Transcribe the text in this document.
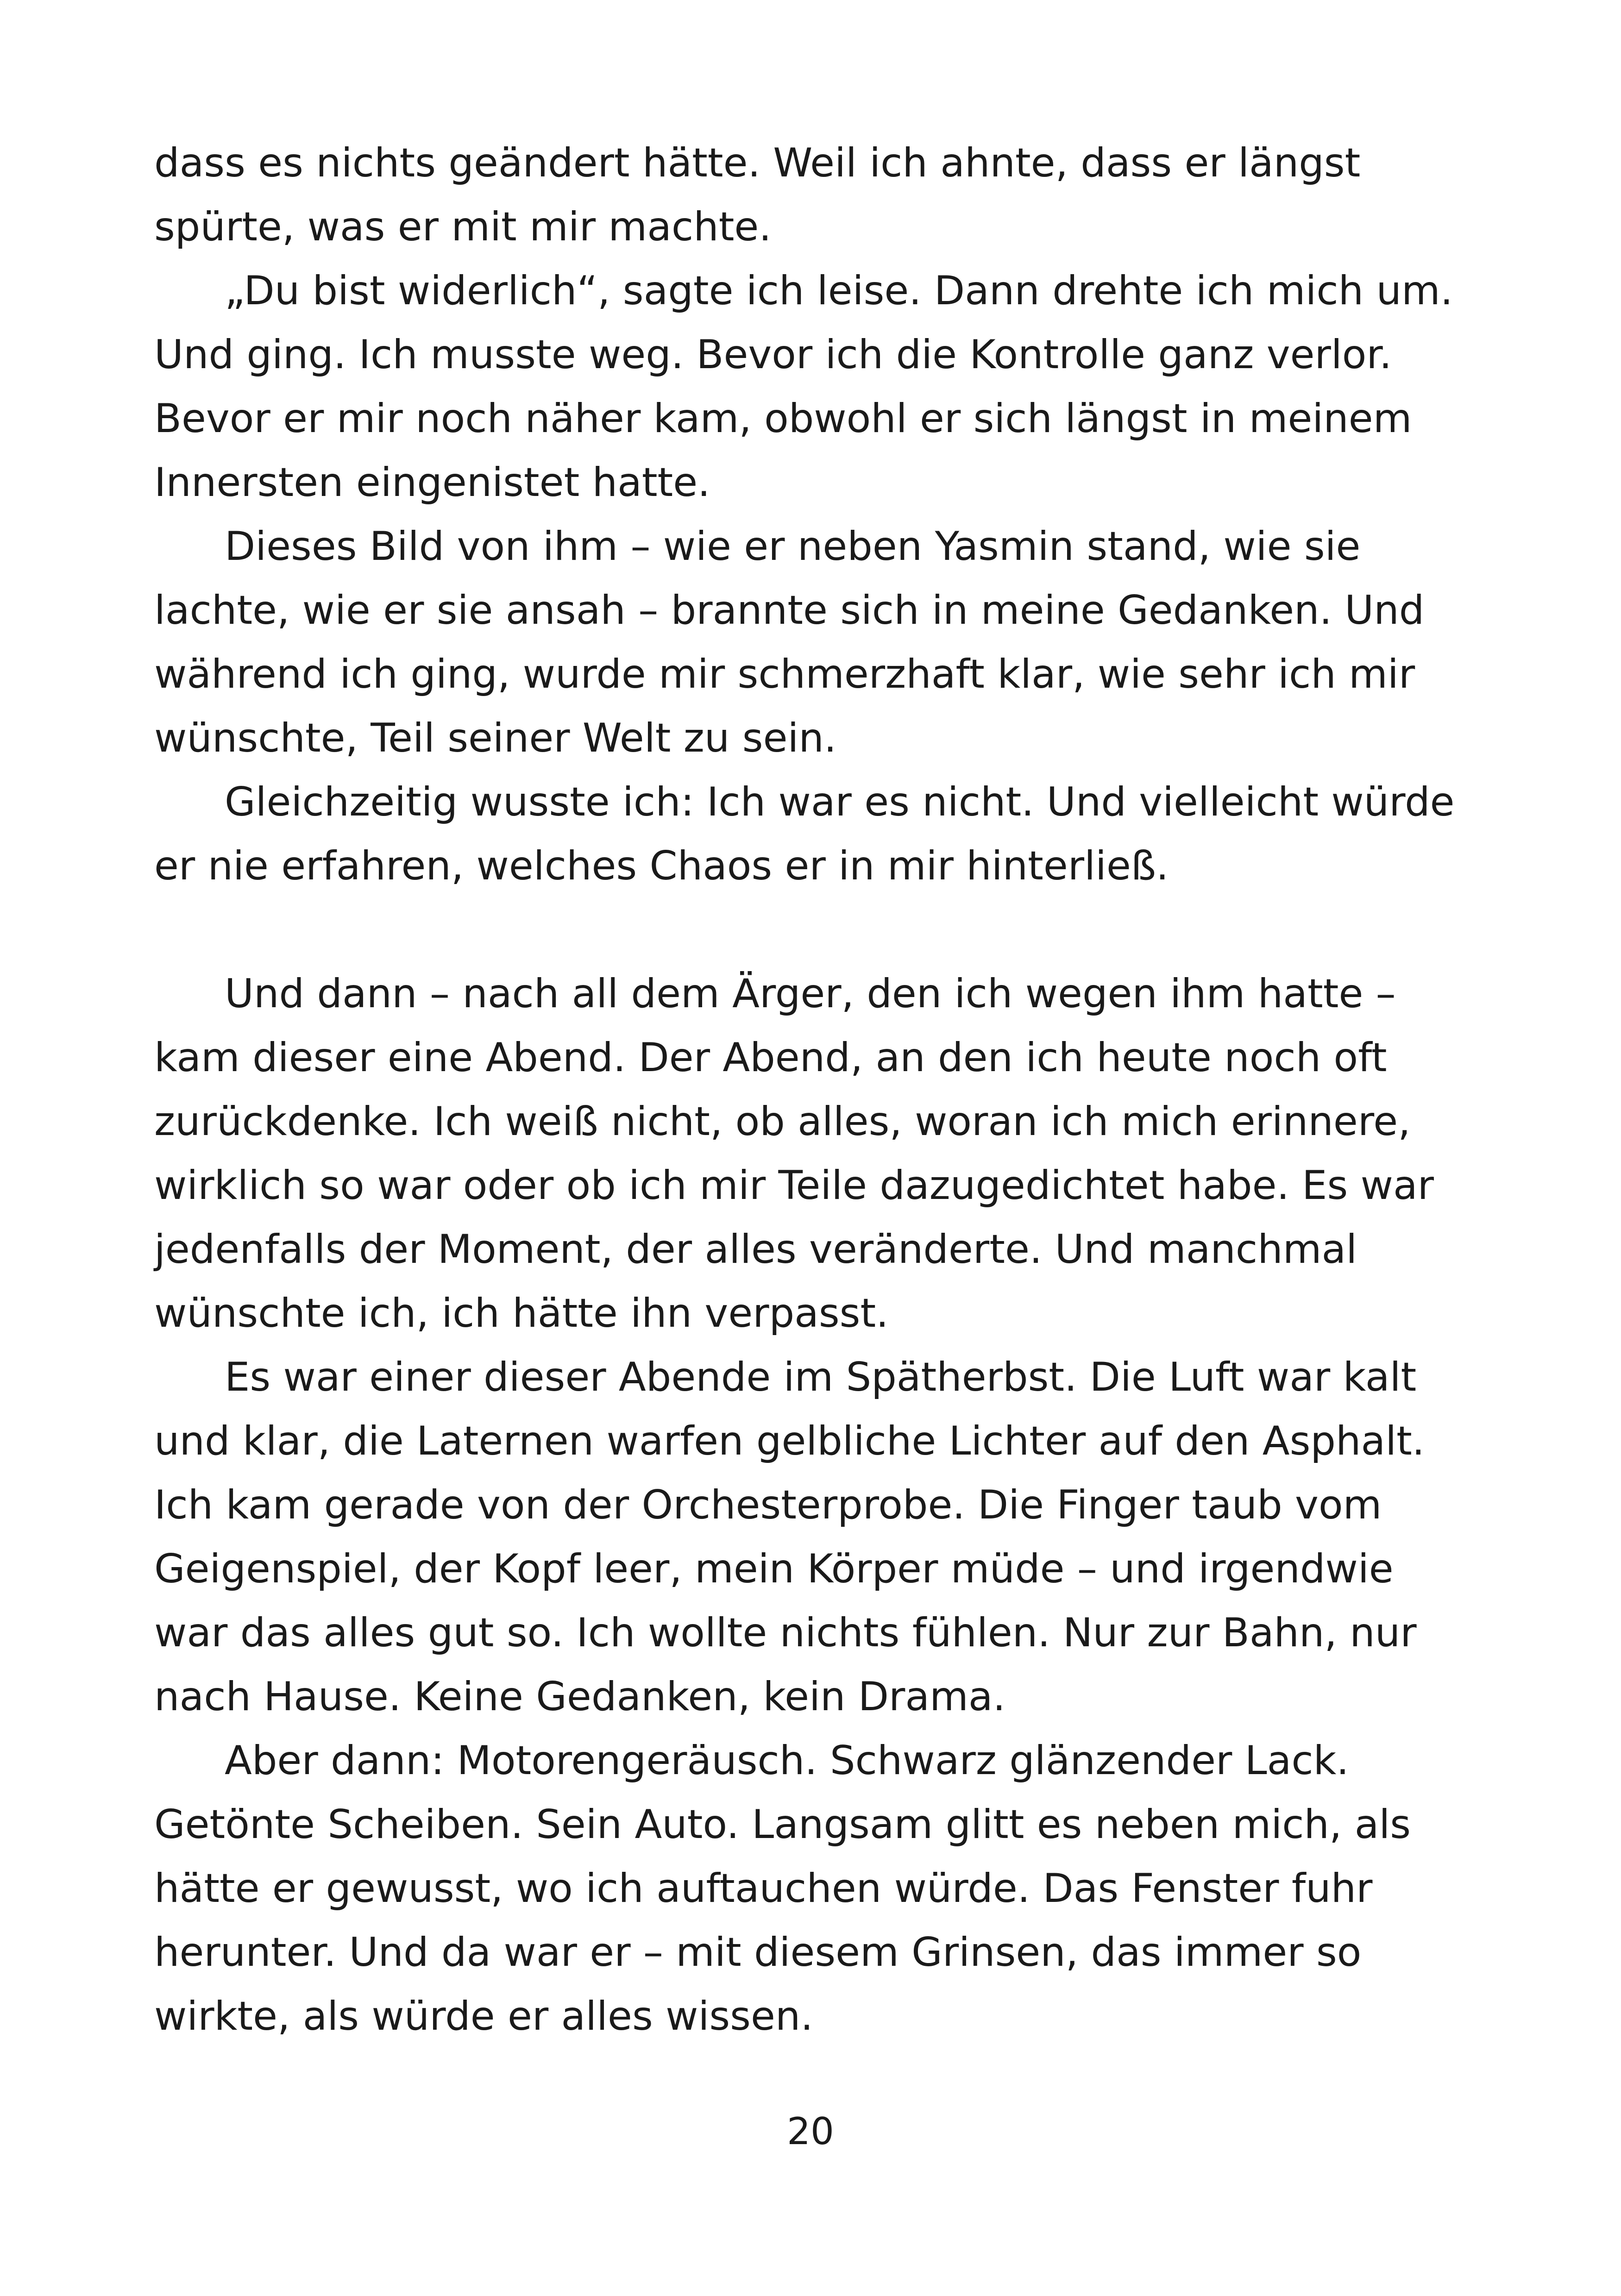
dass es nichts geändert hätte. Weil ich ahnte, dass er längst
spürte, was er mit mir machte.
„Du bist widerlich“, sagte ich leise. Dann drehte ich mich um.
Und ging. Ich musste weg. Bevor ich die Kontrolle ganz verlor.
Bevor er mir noch näher kam, obwohl er sich längst in meinem
Innersten eingenistet hatte.
Dieses Bild von ihm – wie er neben Yasmin stand, wie sie
lachte, wie er sie ansah – brannte sich in meine Gedanken. Und
während ich ging, wurde mir schmerzhaft klar, wie sehr ich mir
wünschte, Teil seiner Welt zu sein.
Gleichzeitig wusste ich: Ich war es nicht. Und vielleicht würde
er nie erfahren, welches Chaos er in mir hinterließ.
Und dann – nach all dem Ärger, den ich wegen ihm hatte –
kam dieser eine Abend. Der Abend, an den ich heute noch oft
zurückdenke. Ich weiß nicht, ob alles, woran ich mich erinnere,
wirklich so war oder ob ich mir Teile dazugedichtet habe. Es war
jedenfalls der Moment, der alles veränderte. Und manchmal
wünschte ich, ich hätte ihn verpasst.
Es war einer dieser Abende im Spätherbst. Die Luft war kalt
und klar, die Laternen warfen gelbliche Lichter auf den Asphalt.
Ich kam gerade von der Orchesterprobe. Die Finger taub vom
Geigenspiel, der Kopf leer, mein Körper müde – und irgendwie
war das alles gut so. Ich wollte nichts fühlen. Nur zur Bahn, nur
nach Hause. Keine Gedanken, kein Drama.
Aber dann: Motorengeräusch. Schwarz glänzender Lack.
Getönte Scheiben. Sein Auto. Langsam glitt es neben mich, als
hätte er gewusst, wo ich auftauchen würde. Das Fenster fuhr
herunter. Und da war er – mit diesem Grinsen, das immer so
wirkte, als würde er alles wissen.
20
